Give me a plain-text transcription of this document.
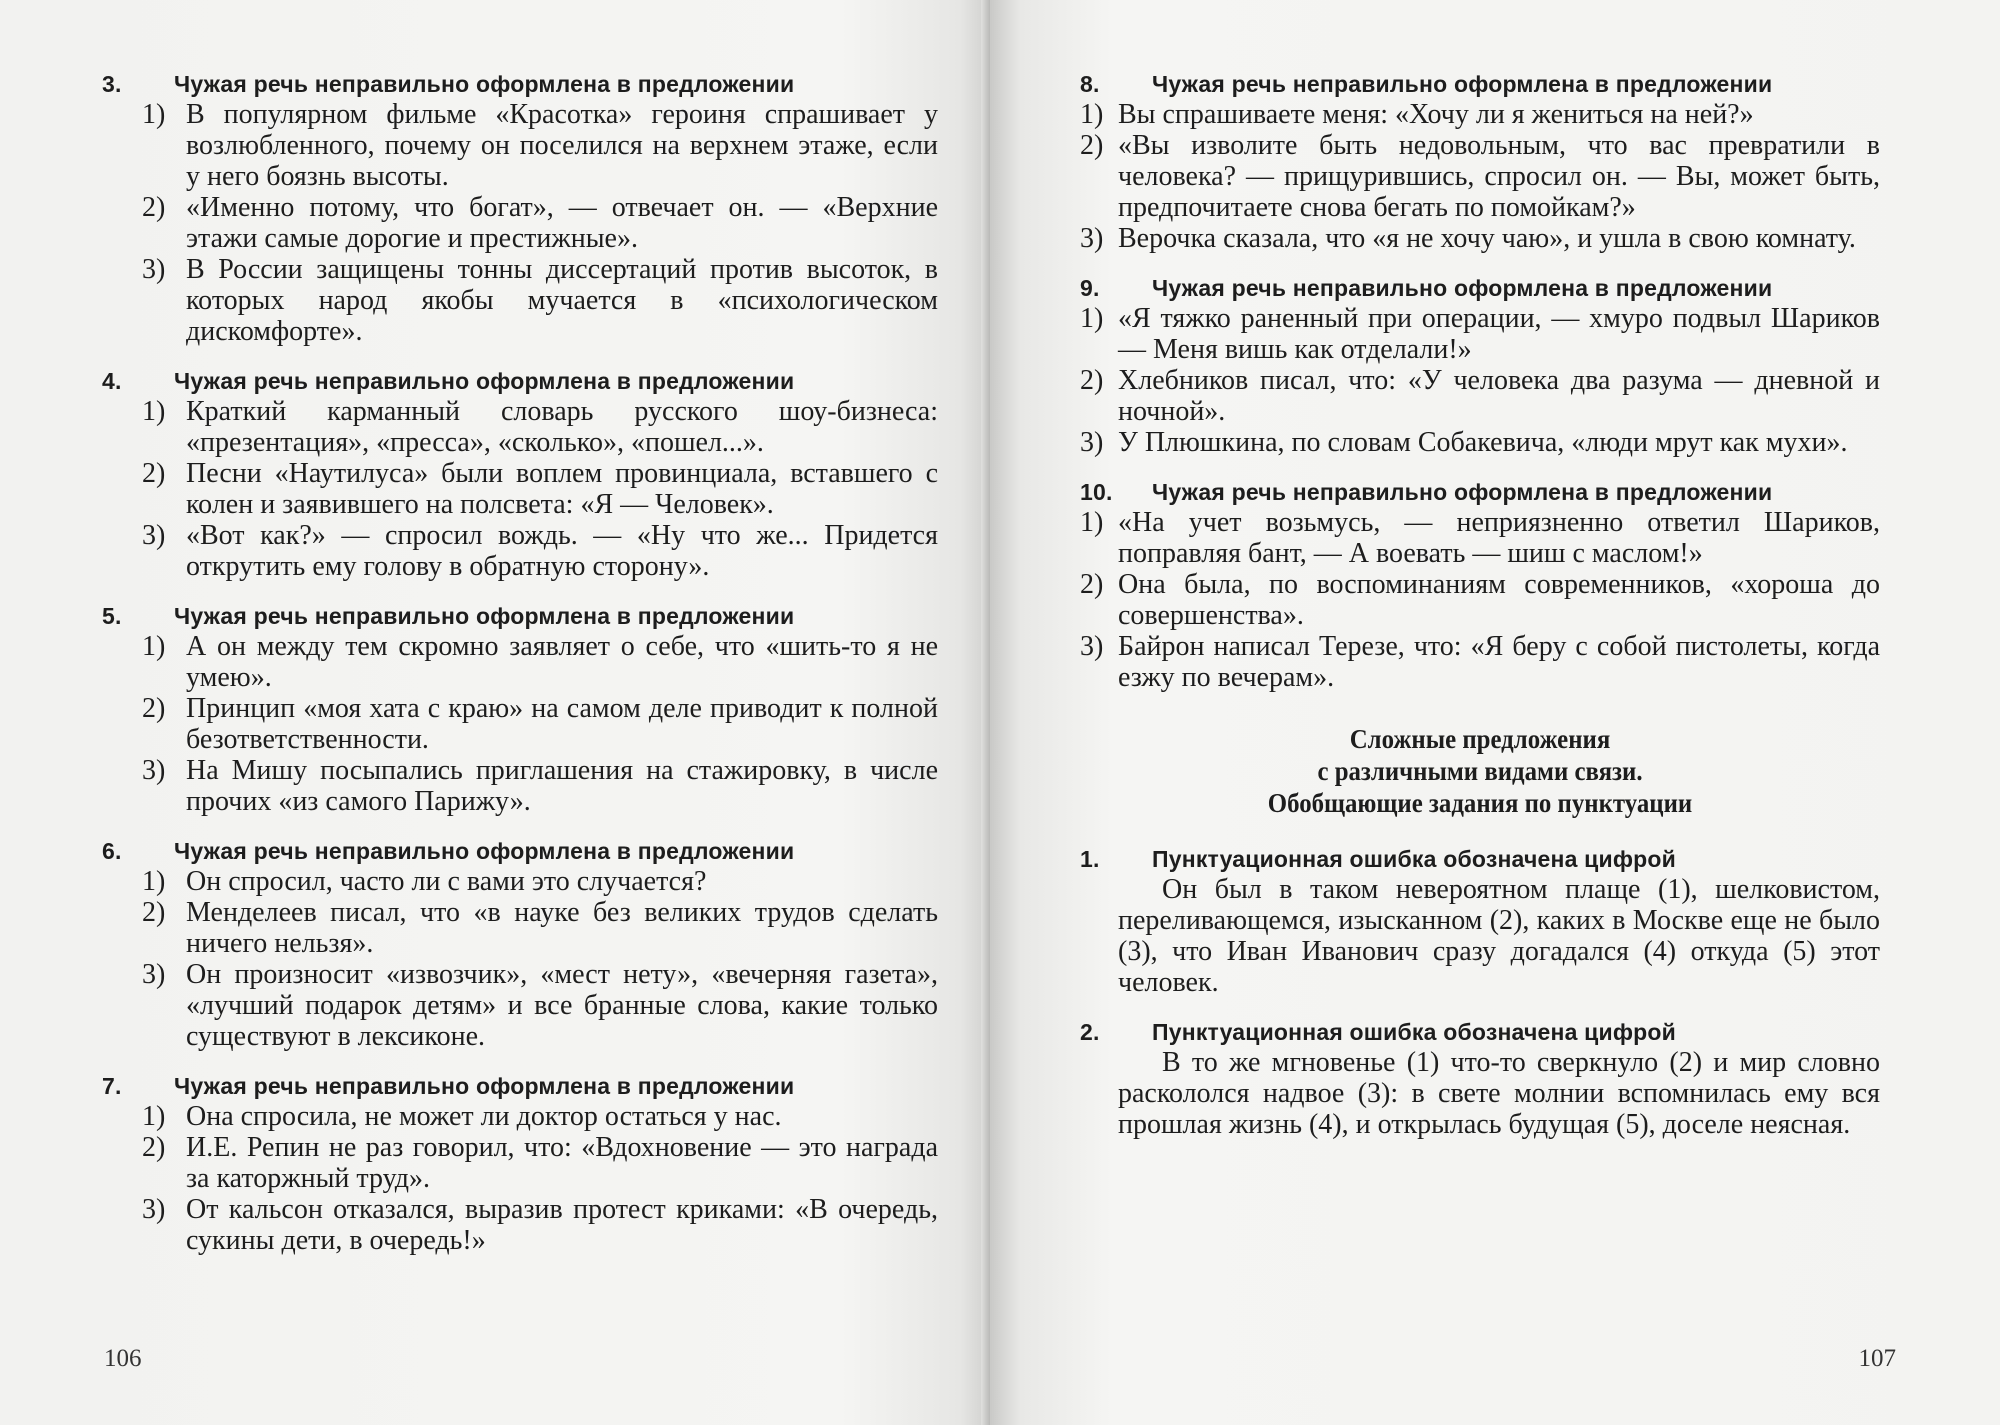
3.	Чужая речь неправильно оформлена в предложении
1) В популярном фильме «Красотка» героиня спрашивает у возлюбленного, почему он поселился на верхнем этаже, если у него боязнь высоты.
2) «Именно потому, что богат», — отвечает он. — «Верхние этажи самые дорогие и престижные».
3) В России защищены тонны диссертаций против высоток, в которых народ якобы мучается в «психологическом дискомфорте».
4.	Чужая речь неправильно оформлена в предложении
1) Краткий карманный словарь русского шоу-бизнеса: «презентация», «пресса», «сколько», «пошел...».
2) Песни «Наутилуса» были воплем провинциала, вставшего с колен и заявившего на полсвета: «Я — Человек».
3) «Вот как?» — спросил вождь. — «Ну что же... Придется открутить ему голову в обратную сторону».
5.	Чужая речь неправильно оформлена в предложении
1) А он между тем скромно заявляет о себе, что «шить-то я не умею».
2) Принцип «моя хата с краю» на самом деле приводит к полной безответственности.
3) На Мишу посыпались приглашения на стажировку, в числе прочих «из самого Парижу».
6.	Чужая речь неправильно оформлена в предложении
1) Он спросил, часто ли с вами это случается?
2) Менделеев писал, что «в науке без великих трудов сделать ничего нельзя».
3) Он произносит «извозчик», «мест нету», «вечерняя газета», «лучший подарок детям» и все бранные слова, какие только существуют в лексиконе.
7.	Чужая речь неправильно оформлена в предложении
1) Она спросила, не может ли доктор остаться у нас.
2) И.Е. Репин не раз говорил, что: «Вдохновение — это награда за каторжный труд».
3) От кальсон отказался, выразив протест криками: «В очередь, сукины дети, в очередь!»
106
8.	Чужая речь неправильно оформлена в предложении
1) Вы спрашиваете меня: «Хочу ли я жениться на ней?»
2) «Вы изволите быть недовольным, что вас превратили в человека? — прищурившись, спросил он. — Вы, может быть, предпочитаете снова бегать по помойкам?»
3) Верочка сказала, что «я не хочу чаю», и ушла в свою комнату.
9.	Чужая речь неправильно оформлена в предложении
1) «Я тяжко раненный при операции, — хмуро подвыл Шариков — Меня вишь как отделали!»
2) Хлебников писал, что: «У человека два разума — дневной и ночной».
3) У Плюшкина, по словам Собакевича, «люди мрут как мухи».
10.	Чужая речь неправильно оформлена в предложении
1) «На учет возьмусь, — неприязненно ответил Шариков, поправляя бант, — А воевать — шиш с маслом!»
2) Она была, по воспоминаниям современников, «хороша до совершенства».
3) Байрон написал Терезе, что: «Я беру с собой пистолеты, когда езжу по вечерам».
Сложные предложения
с различными видами связи.
Обобщающие задания по пунктуации
1.	Пунктуационная ошибка обозначена цифрой
Он был в таком невероятном плаще (1), шелковистом, переливающемся, изысканном (2), каких в Москве еще не было (3), что Иван Иванович сразу догадался (4) откуда (5) этот человек.
2.	Пунктуационная ошибка обозначена цифрой
В то же мгновенье (1) что-то сверкнуло (2) и мир словно раскололся надвое (3): в свете молнии вспомнилась ему вся прошлая жизнь (4), и открылась будущая (5), доселе неясная.
107
